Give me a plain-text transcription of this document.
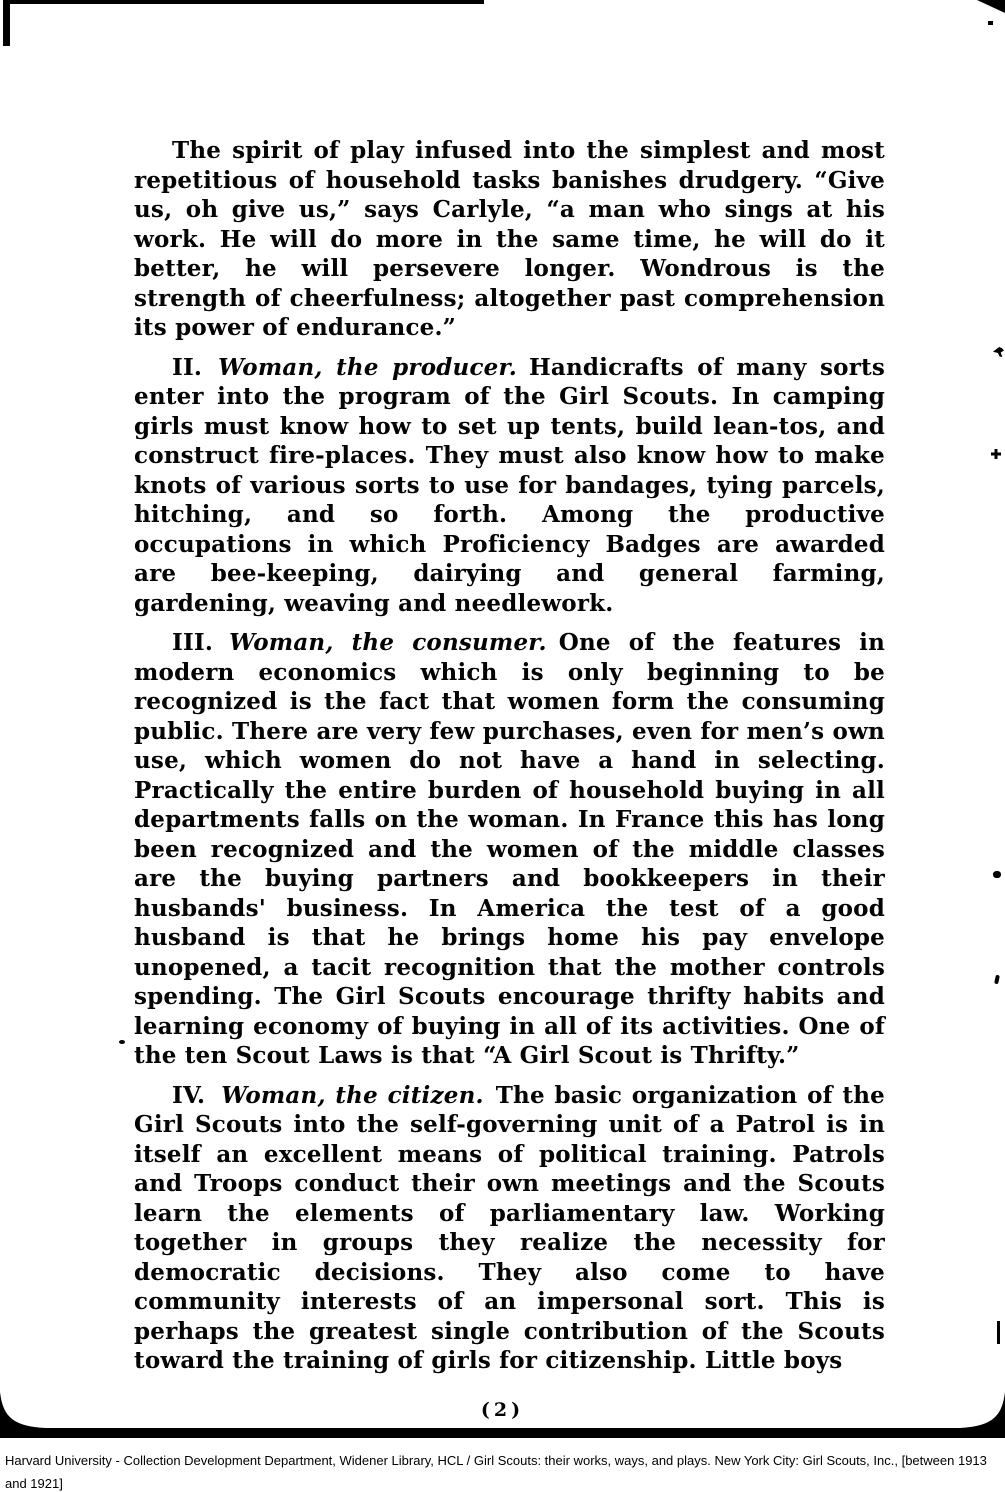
The spirit of play infused into the simplest and most repetitious of household tasks banishes drudgery. “Give us, oh give us,” says Carlyle, “a man who sings at his work. He will do more in the same time, he will do it better, he will persevere longer. Wondrous is the strength of cheerfulness; altogether past comprehension its power of endurance.”

II. Woman, the producer. Handicrafts of many sorts enter into the program of the Girl Scouts. In camping girls must know how to set up tents, build lean-tos, and construct fire-places. They must also know how to make knots of various sorts to use for bandages, tying parcels, hitching, and so forth. Among the productive occupations in which Proficiency Badges are awarded are bee-keeping, dairying and general farming, gardening, weaving and needlework.

III. Woman, the consumer. One of the features in modern economics which is only beginning to be recognized is the fact that women form the consuming public. There are very few purchases, even for men’s own use, which women do not have a hand in selecting. Practically the entire burden of household buying in all departments falls on the woman. In France this has long been recognized and the women of the middle classes are the buying partners and bookkeepers in their husbands' business. In America the test of a good husband is that he brings home his pay envelope unopened, a tacit recognition that the mother controls spending. The Girl Scouts encourage thrifty habits and learning economy of buying in all of its activities. One of the ten Scout Laws is that “A Girl Scout is Thrifty.”

IV. Woman, the citizen. The basic organization of the Girl Scouts into the self-governing unit of a Patrol is in itself an excellent means of political training. Patrols and Troops conduct their own meetings and the Scouts learn the elements of parliamentary law. Working together in groups they realize the necessity for democratic decisions. They also come to have community interests of an impersonal sort. This is perhaps the greatest single contribution of the Scouts toward the training of girls for citizenship. Little boys

(2)
Harvard University - Collection Development Department, Widener Library, HCL / Girl Scouts: their works, ways, and plays. New York City: Girl Scouts, Inc., [between 1913 and 1921]
